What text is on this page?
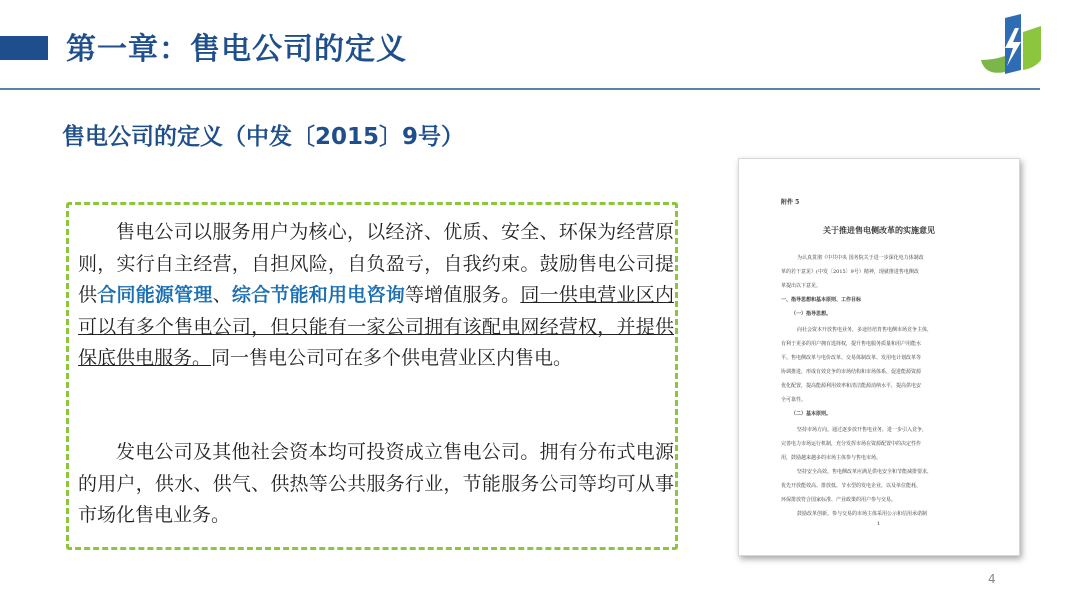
第一章：售电公司的定义
售电公司的定义（中发〔2015〕9号）

售电公司以服务用户为核心，以经济、优质、安全、环保为经营原则，实行自主经营，自担风险，自负盈亏，自我约束。鼓励售电公司提供合同能源管理、综合节能和用电咨询等增值服务。同一供电营业区内可以有多个售电公司，但只能有一家公司拥有该配电网经营权，并提供保底供电服务。同一售电公司可在多个供电营业区内售电。

发电公司及其他社会资本均可投资成立售电公司。拥有分布式电源的用户，供水、供气、供热等公共服务行业，节能服务公司等均可从事市场化售电业务。

附件 5
关于推进售电侧改革的实施意见
为认真贯彻《中共中央 国务院关于进一步深化电力体制改
革的若干意见》(中发〔2015〕9号）精神，现就推进售电侧改
革提出以下意见。
一、指导思想和基本原则、工作目标
（一）指导思想。
向社会资本开放售电业务，多途径培育售电侧市场竞争主体，
有利于更多的用户拥有选择权，提升售电服务质量和用户用能水
平。售电侧改革与电价改革、交易体制改革、发用电计划改革等
协调推进，形成有效竞争的市场结构和市场体系，促进能源资源
优化配置，提高能源利用效率和清洁能源消纳水平，提高供电安
全可靠性。
（二）基本原则。
坚持市场方向。通过逐步放开售电业务，进一步引入竞争，
完善电力市场运行机制，充分发挥市场在资源配置中的决定性作
用，鼓励越来越多的市场主体参与售电市场。
坚持安全高效。售电侧改革应满足供电安全和节能减排要求，
优先开放能效高、排放低、节水型的发电企业，以及单位能耗、
环保排放符合国家标准、产业政策的用户参与交易。
鼓励改革创新。参与交易的市场主体采用公示和信用承诺制
1
4
